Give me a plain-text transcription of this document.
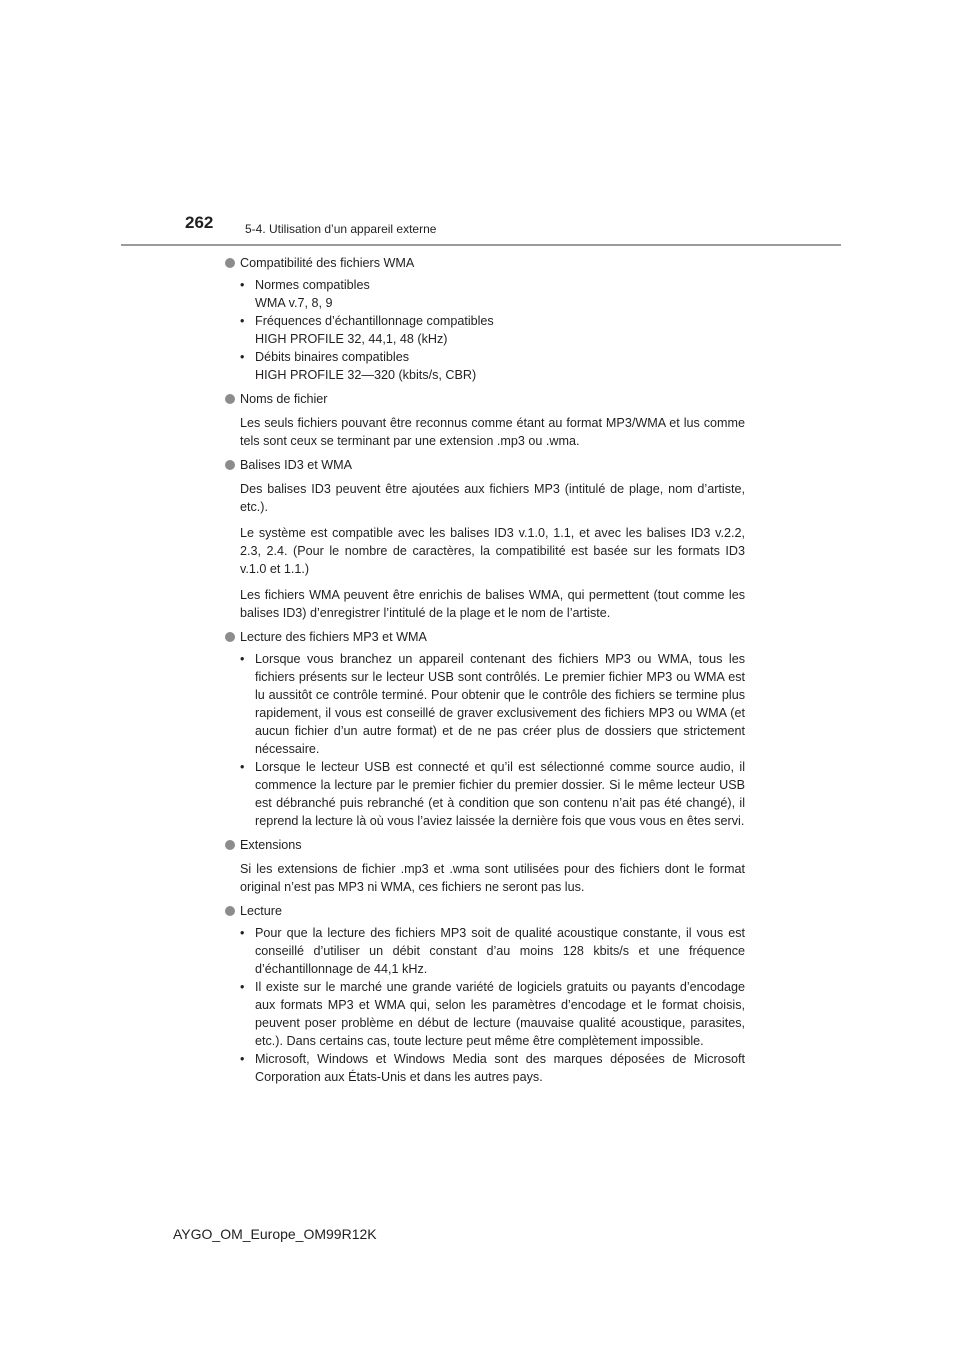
262	5-4. Utilisation d’un appareil externe

Compatibilité des fichiers WMA

• Normes compatibles
WMA v.7, 8, 9
• Fréquences d’échantillonnage compatibles
HIGH PROFILE 32, 44,1, 48 (kHz)
• Débits binaires compatibles
HIGH PROFILE 32—320 (kbits/s, CBR)

Noms de fichier

Les seuls fichiers pouvant être reconnus comme étant au format MP3/WMA et lus comme tels sont ceux se terminant par une extension .mp3 ou .wma.

Balises ID3 et WMA

Des balises ID3 peuvent être ajoutées aux fichiers MP3 (intitulé de plage, nom d’artiste, etc.).

Le système est compatible avec les balises ID3 v.1.0, 1.1, et avec les balises ID3 v.2.2, 2.3, 2.4. (Pour le nombre de caractères, la compatibilité est basée sur les formats ID3 v.1.0 et 1.1.)

Les fichiers WMA peuvent être enrichis de balises WMA, qui permettent (tout comme les balises ID3) d’enregistrer l’intitulé de la plage et le nom de l’artiste.

Lecture des fichiers MP3 et WMA

• Lorsque vous branchez un appareil contenant des fichiers MP3 ou WMA, tous les fichiers présents sur le lecteur USB sont contrôlés. Le premier fichier MP3 ou WMA est lu aussitôt ce contrôle terminé. Pour obtenir que le contrôle des fichiers se termine plus rapidement, il vous est conseillé de graver exclusivement des fichiers MP3 ou WMA (et aucun fichier d’un autre format) et de ne pas créer plus de dossiers que strictement nécessaire.
• Lorsque le lecteur USB est connecté et qu’il est sélectionné comme source audio, il commence la lecture par le premier fichier du premier dossier. Si le même lecteur USB est débranché puis rebranché (et à condition que son contenu n’ait pas été changé), il reprend la lecture là où vous l’aviez laissée la dernière fois que vous vous en êtes servi.

Extensions

Si les extensions de fichier .mp3 et .wma sont utilisées pour des fichiers dont le format original n’est pas MP3 ni WMA, ces fichiers ne seront pas lus.

Lecture

• Pour que la lecture des fichiers MP3 soit de qualité acoustique constante, il vous est conseillé d’utiliser un débit constant d’au moins 128 kbits/s et une fréquence d’échantillonnage de 44,1 kHz.
• Il existe sur le marché une grande variété de logiciels gratuits ou payants d’encodage aux formats MP3 et WMA qui, selon les paramètres d’encodage et le format choisis, peuvent poser problème en début de lecture (mauvaise qualité acoustique, parasites, etc.). Dans certains cas, toute lecture peut même être complètement impossible.
• Microsoft, Windows et Windows Media sont des marques déposées de Microsoft Corporation aux États-Unis et dans les autres pays.
AYGO_OM_Europe_OM99R12K
